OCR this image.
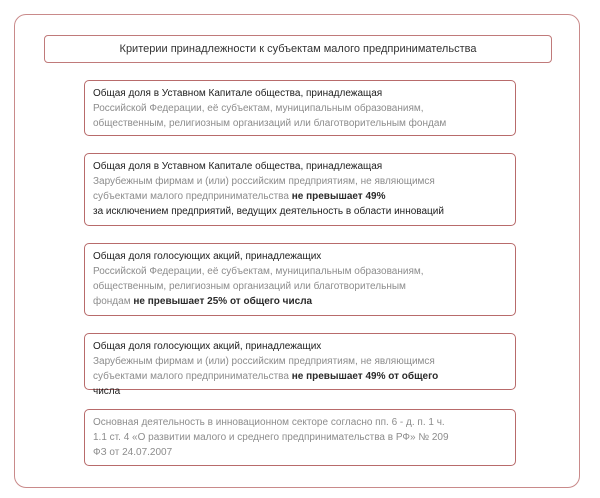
Критерии принадлежности к субъектам малого предпринимательства
Общая доля в Уставном Капитале общества, принадлежащая
Российской Федерации, её субъектам, муниципальным образованиям,
общественным, религиозным организаций или благотворительным фондам
Общая доля в Уставном Капитале общества, принадлежащая
Зарубежным фирмам и (или) российским предприятиям, не являющимся
субъектами малого предпринимательства не превышает 49%
за исключением предприятий, ведущих деятельность в области инноваций
Общая доля голосующих акций, принадлежащих
Российской Федерации, её субъектам, муниципальным образованиям,
общественным, религиозным организаций или благотворительным
фондам не превышает 25% от общего числа
Общая доля голосующих акций, принадлежащих
Зарубежным фирмам и (или) российским предприятиям, не являющимся
субъектами малого предпринимательства не превышает 49% от общего
числа
Основная деятельность в инновационном секторе согласно пп. 6 - д. п. 1 ч.
1.1 ст. 4 «О развитии малого и среднего предпринимательства в РФ» № 209
ФЗ от 24.07.2007
